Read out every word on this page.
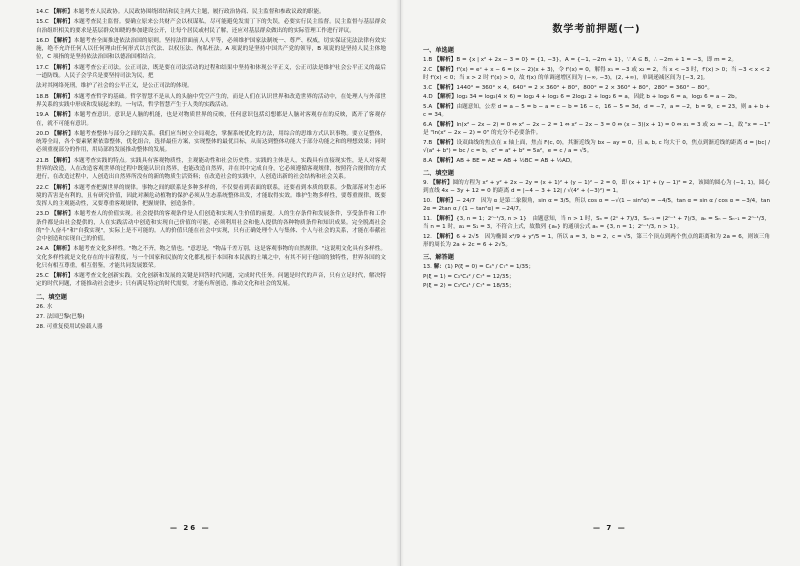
14.C 【解析】本题考查人民政协。人民政协围绕团结和民主两大主题，履行政治协商、民主监督和参政议政的职能。
15.C 【解析】本题考查民主监督。要确立原来公共财产会以权谋私，尽可能避免发需丁下的失误，必要实行民主监督。民主监督与基层群众自治组织相关的要求是基层群众知晓的参加建设公开，让每个居民或村民了解，还应对基层群众做出的的实际管理工作进行评议。
16.D 【解析】本题考查全面推进依法治国的原则。坚持法律面前人人平等，必须维护国家法制统一、尊严、权威，切实保证宪法法律有效实施，绝不允许任何人以任何理由任何形式以言代法、以权压法、徇私枉法。A 项说的是坚持中国共产党的领导，B 项说的是坚持人民主体地位，C 项指的是坚持依法治国和以德治国相结合。
17.C 【解析】本题考查公正司法。公正司法，既是要在司法活动的过程和结果中坚持和体现公平正义，公正司法是维护社会公平正义的最后一道防线。人民子会学兵是要坚持司法为民，把
法对其网络死刑，维护了社会的公平正义，是公正司法的体现。
18.B 【解析】本题考查哲学的基础。哲学智慧不是从人的头脑中凭空产生的，而是人们在认识世界和改造世界的活动中，在处理人与外部世界关系的实践中形成和发展起来的。一句话，哲学智慧产生于人类的实践活动。
19.A 【解析】本题考查意识。意识是人脑的机能，也是对物质世界的反映，任何意识包括幻想都是人脑对客观存在的反映，离开了客观存在，就不可能有意识。
20.D 【解析】本题考查整体与部分之间的关系。我们应当树立全局观念，掌握系统优化的方法，用综合的思维方式认识事物。要立足整体，统筹全局，各个要素紧紧依靠整体，优化组合，选择最佳方案，实现整体的最优目标，从而达到整体功能大于部分功能之和的理想效果；同时必须重视部分的作用，用局部的发展推动整体的发展。
21.B 【解析】本题考查实践的特点。实践具有客观物质性，主观能动性和社会历史性。实践的主体是人，实践具有直接现实性，是人对客观世界的改造，人在改造客观世界的过程中既能认识自然界，也能改造自然界，并在其中完成自身，它必须遵循客观规律，按照符合规律的方式进行，在改造过程中，人创造出自然界所没有的新的物质生活资料；在改造社会的实践中，人创造出新的社会结构和社会关系。
22.C 【解析】本题考查把握世界的规律。事物之间的联系是多种多样的，不仅要看到表面的联系，还要看到本质的联系。少数部落对生态环境的苦害是有利的，且有研究价值，因此对濒危动植物的保护必须从生态系统整体出发，才能取得实效。维护生物多样性，要尊重规律，既要发挥人的主观能动性，又要尊重客观规律，把握规律，创造条件。
23.D 【解析】本题考查人的价值实现。社会提供的客观条件是人们创造和实现人生价值的前提。人的生存条件和发展条件，享受条件和工作条件都是由社会提供的，人在实践活动中创造和实现自己价值的可能，必须利用社会和他人提供的各种物质条件和知识成果。完全脱离社会的"个人奋斗"和"自我实现"，实际上是不可能的。人的价值只能在社会中实现，只有正确处理个人与集体、个人与社会的关系，才能在奉献社会中创造和实现自己的价值。
24.A 【解析】本题考查文化多样性。"物之不齐，物之情也。"意思是，"物品千差万别，这是客观事物的自然规律。"这说明文化具有多样性。文化多样性就是文化存在的丰富程度，与一个国家和民族的文化都扎根于本国和本民族的土壤之中，有其不同于他国的独特性，世界各国的文化只有相互尊重，相互借鉴，才能共同发展繁荣。
25.C 【解析】本题考查文化创新实践。文化创新和发展的关键是回答时代问题，完成时代任务。问题是时代的声音，只有立足时代，解决特定的时代问题，才能推动社会进步；只有满足特定的时代需要，才能有所创造，推动文化和社会的发展。
二、填空题
26. 水
27. 法国巴黎(巴黎)
28. 可重复使用试验载人器
— 26 —
数学考前押题(一)
一、单选题
1.B 【解析】B = {x | x² + 2x − 3 = 0} = {1, −3}，A = {−1, −2m + 1}，∵ A ⊆ B，∴ −2m + 1 = −3，即 m = 2。
2.C 【解析】f'(x) = eˣ + x − 6 = (x − 2)(x + 3)，令 f'(x) = 0，解得 x₁ = −3 或 x₂ = 2，当 x < −3 时，f'(x) > 0；当 −3 < x < 2 时 f'(x) < 0；当 x > 2 时 f'(x) > 0，故 f(x) 的单调递增区间为 (−∞, −3)，(2, +∞)，单调递减区间为 [−3, 2]。
3.C 【解析】1440° = 360° × 4，640° = 2 × 360° + 80°，800° = 2 × 360° + 80°，280° = 360° − 80°。
4.D 【解析】log₂ 34 = log₂(4 × 6) = log₂ 4 + log₂ 6 = 2log₂ 2 + log₂ 6 = a，因此 b + log₂ 6 = a，log₂ 6 = a − 2b。
5.A 【解析】由题意知，公差 d = a − 5 = b − a = c − b = 16 − c，16 − 5 = 3d，d = −7，a = −2，b = 9，c = 23，则 a + b + c = 34。
6.A 【解析】ln(x² − 2x − 2) = 0 ⇔ x² − 2x − 2 = 1 ⇔ x² − 2x − 3 = 0 ⇔ (x − 3)(x + 1) = 0 ⇔ x₁ = 3 或 x₂ = −1，故 "x = −1" 是 "ln(x² − 2x − 2) = 0" 的充分不必要条件。
7.B 【解析】设双曲线的焦点在 x 轴上面，焦点 F(c, 0)，其渐近线为 bx − ay = 0，且 a, b, c 均大于 0，焦点到渐近线的距离 d = |bc| / √(a² + b²) = bc / c = b，c² = a² + b² = 5a²，e = c / a = √5。
8.A 【解析】AB + BE = AE = AB + ½BC = AB + ½AD。
二、填空题
9. 【解析】圆的方程为 x² + y² + 2x − 2y = (x + 1)² + (y − 1)² − 2 = 0，即 (x + 1)² + (y − 1)² = 2，该圆的圆心为 (−1, 1)，圆心到直线 4x − 3y + 12 = 0 的距离 d = |−4 − 3 + 12| / √(4² + (−3)²) = 1。
10. 【解析】− 24/7　因为 α 是第二象限角，sin α = 3/5，所以 cos α = −√(1 − sin²α) = −4/5，tan α = sin α / cos α = −3/4，tan 2α = 2tan α / (1 − tan²α) = −24/7。
11. 【解析】{3, n = 1；2ⁿ⁻¹/3, n > 1}　由题意知，当 n > 1 时，Sₙ = (2ⁿ + 7)/3，Sₙ₋₁ = (2ⁿ⁻¹ + 7)/3，aₙ = Sₙ − Sₙ₋₁ = 2ⁿ⁻¹/3，当 n = 1 时，a₁ = S₁ = 3，不符合上式，故数列 {aₙ} 的通项公式 aₙ = {3, n = 1；2ⁿ⁻¹/3, n > 1}。
12. 【解析】6 + 2√5　因为椭圆 x²/9 + y²/5 = 1，所以 a = 3，b = 2，c = √5，第三个顶点到两个焦点的距离和为 2a = 6，则该三角形的周长为 2a + 2c = 6 + 2√5。
三、解答题
13. 解：(1) P(ξ = 0) = C₄³ / C₇³ = 1/35；
P(ξ = 1) = C₃¹C₄² / C₇³ = 12/35；
P(ξ = 2) = C₃²C₄¹ / C₇³ = 18/35；
— 7 —
